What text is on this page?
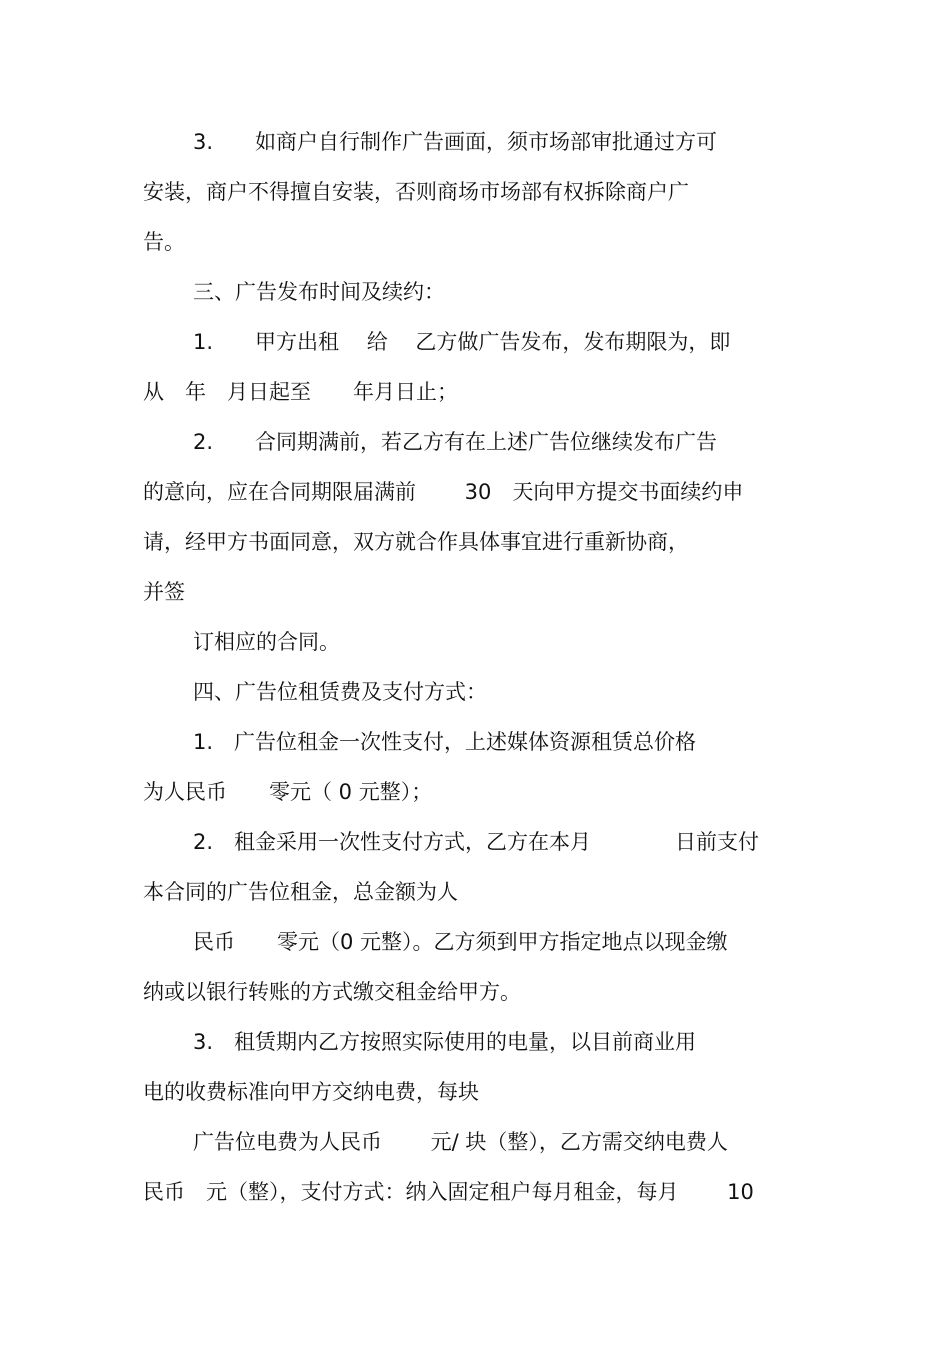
3.　　如商户自行制作广告画面，须市场部审批通过方可
安装，商户不得擅自安装，否则商场市场部有权拆除商户广
告。
三、广告发布时间及续约：
1.　　甲方出租　 给　 乙方做广告发布，发布期限为，即
从　年　月日起至　　年月日止；
2.　　合同期满前，若乙方有在上述广告位继续发布广告
的意向，应在合同期限届满前　　 30　天向甲方提交书面续约申
请，经甲方书面同意，双方就合作具体事宜进行重新协商，
并签
订相应的合同。
四、广告位租赁费及支付方式：
1.　广告位租金一次性支付，上述媒体资源租赁总价格
为人民币　　零元（ 0 元整）；
2.　租金采用一次性支付方式，乙方在本月　　　　日前支付
本合同的广告位租金，总金额为人
民币　　零元（0 元整）。乙方须到甲方指定地点以现金缴
纳或以银行转账的方式缴交租金给甲方。
3.　租赁期内乙方按照实际使用的电量，以目前商业用
电的收费标准向甲方交纳电费，每块
广告位电费为人民币　　 元/ 块（整），乙方需交纳电费人
民币　元（整），支付方式：纳入固定租户每月租金，每月　　 10
